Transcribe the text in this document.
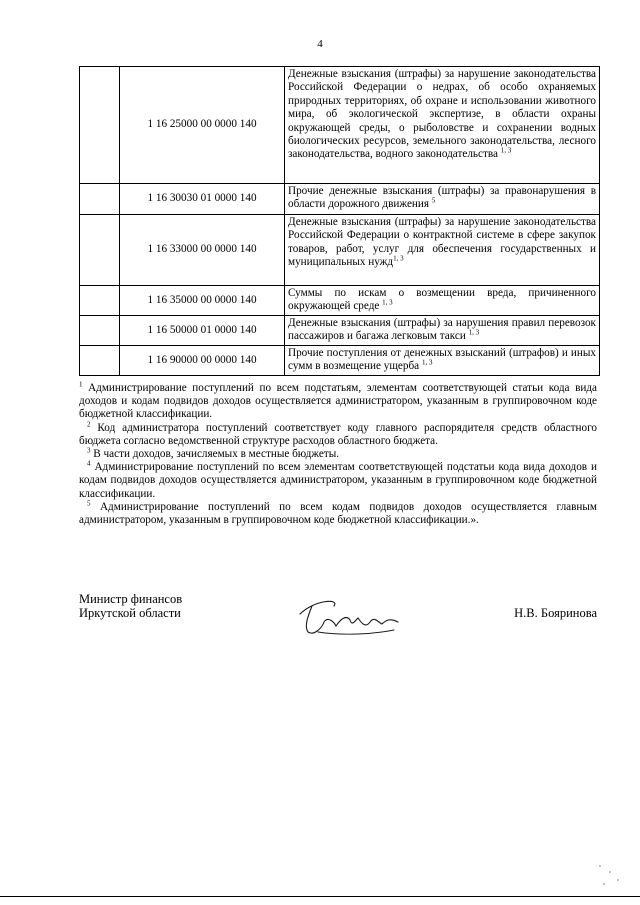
4
	1 16 25000 00 0000 140	Денежные взыскания (штрафы) за нарушение законодательства Российской Федерации о недрах, об особо охраняемых природных территориях, об охране и использовании животного мира, об экологической экспертизе, в области охраны окружающей среды, о рыболовстве и сохранении водных биологических ресурсов, земельного законодательства, лесного законодательства, водного законодательства $^{1, 3}$
	1 16 30030 01 0000 140	Прочие денежные взыскания (штрафы) за правонарушения в области дорожного движения $^5$
	1 16 33000 00 0000 140	Денежные взыскания (штрафы) за нарушение законодательства Российской Федерации о контрактной системе в сфере закупок товаров, работ, услуг для обеспечения государственных и муниципальных нужд$^{1, 3}$
	1 16 35000 00 0000 140	Суммы по искам о возмещении вреда, причиненного окружающей среде $^{1, 3}$
	1 16 50000 01 0000 140	Денежные взыскания (штрафы) за нарушения правил перевозок пассажиров и багажа легковым такси $^{1, 3}$
	1 16 90000 00 0000 140	Прочие поступления от денежных взысканий (штрафов) и иных сумм в возмещение ущерба $^{1, 3}$

$^1$ Администрирование поступлений по всем подстатьям, элементам соответствующей статьи кода вида доходов и кодам подвидов доходов осуществляется администратором, указанным в группировочном коде бюджетной классификации.

$^2$ Код администратора поступлений соответствует коду главного распорядителя средств областного бюджета согласно ведомственной структуре расходов областного бюджета.

$^3$ В части доходов, зачисляемых в местные бюджеты.

$^4$ Администрирование поступлений по всем элементам соответствующей подстатьи кода вида доходов и кодам подвидов доходов осуществляется администратором, указанным в группировочном коде бюджетной классификации.

$^5$ Администрирование поступлений по всем кодам подвидов доходов осуществляется главным администратором, указанным в группировочном коде бюджетной классификации.».

Министр финансов
Иркутской области	Н.В. Бояринова
